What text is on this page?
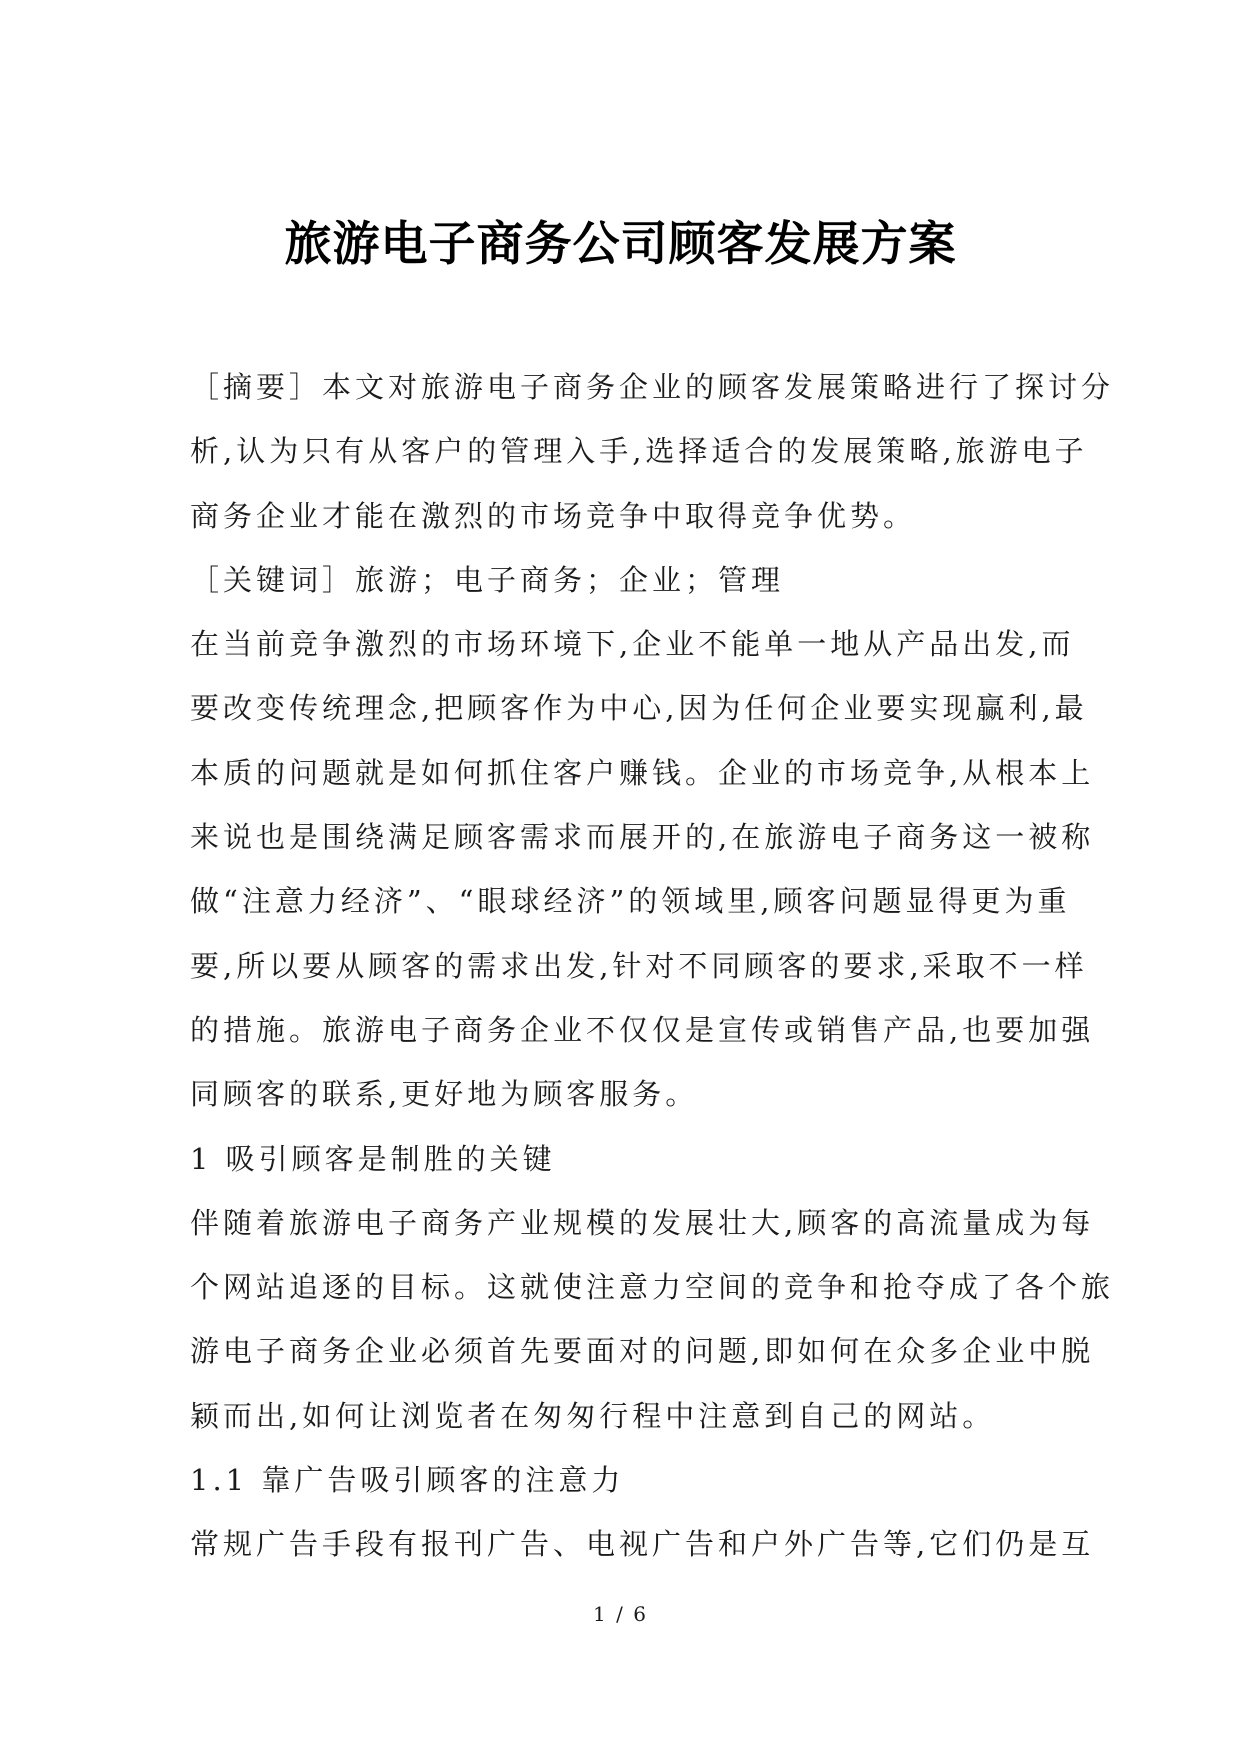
旅游电子商务公司顾客发展方案

［摘要］本文对旅游电子商务企业的顾客发展策略进行了探讨分
析,认为只有从客户的管理入手,选择适合的发展策略,旅游电子
商务企业才能在激烈的市场竞争中取得竞争优势。

［关键词］旅游；电子商务；企业；管理

在当前竞争激烈的市场环境下,企业不能单一地从产品出发,而
要改变传统理念,把顾客作为中心,因为任何企业要实现赢利,最
本质的问题就是如何抓住客户赚钱。企业的市场竞争,从根本上
来说也是围绕满足顾客需求而展开的,在旅游电子商务这一被称
做“注意力经济”、“眼球经济”的领域里,顾客问题显得更为重
要,所以要从顾客的需求出发,针对不同顾客的要求,采取不一样
的措施。旅游电子商务企业不仅仅是宣传或销售产品,也要加强
同顾客的联系,更好地为顾客服务。

1 吸引顾客是制胜的关键

伴随着旅游电子商务产业规模的发展壮大,顾客的高流量成为每
个网站追逐的目标。这就使注意力空间的竞争和抢夺成了各个旅
游电子商务企业必须首先要面对的问题,即如何在众多企业中脱
颖而出,如何让浏览者在匆匆行程中注意到自己的网站。

1.1 靠广告吸引顾客的注意力

常规广告手段有报刊广告、电视广告和户外广告等,它们仍是互

1 / 6
